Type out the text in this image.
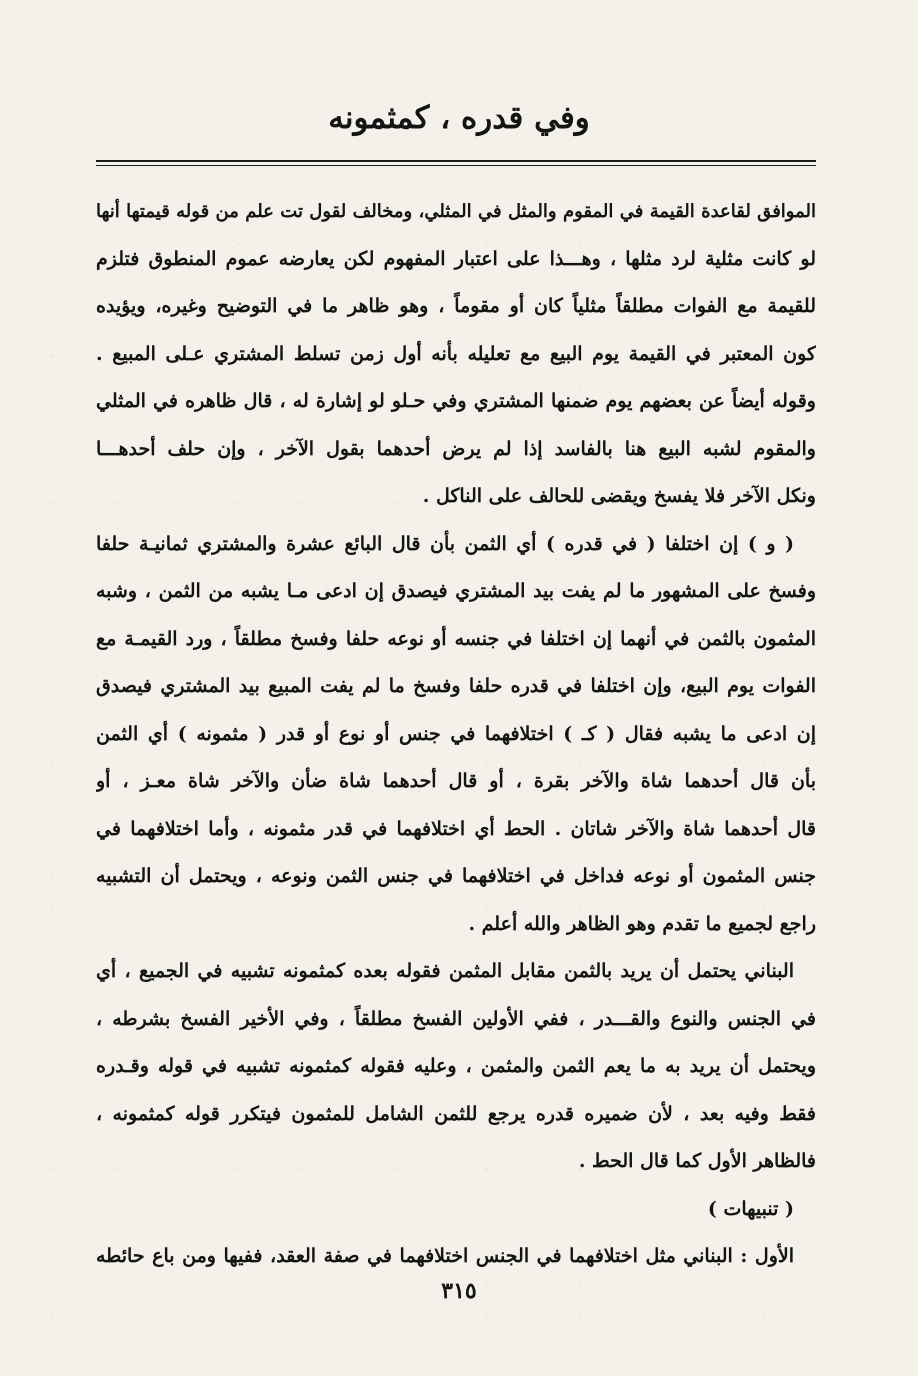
وفي قدره ، كمثمونه
الموافق لقاعدة القيمة في المقوم والمثل في المثلي، ومخالف لقول تت علم من قوله قيمتها أنها
لو كانت مثلية لرد مثلها ، وهـــذا على اعتبار المفهوم لكن يعارضه عموم المنطوق فتلزم
للقيمة مع الفوات مطلقاً مثلياً كان أو مقوماً ، وهو ظاهر ما في التوضيح وغيره، ويؤيده
كون المعتبر في القيمة يوم البيع مع تعليله بأنه أول زمن تسلط المشتري عـلى المبيع .
وقوله أيضاً عن بعضهم يوم ضمنها المشتري وفي حـلو لو إشارة له ، قال ظاهره في المثلي
والمقوم لشبه البيع هنا بالفاسد إذا لم يرض أحدهما بقول الآخر ، وإن حلف أحدهـــا
ونكل الآخر فلا يفسخ ويقضى للحالف على الناكل .
( و ) إن اختلفا ( في قدره ) أي الثمن بأن قال البائع عشرة والمشتري ثمانيـة حلفا
وفسخ على المشهور ما لم يفت بيد المشتري فيصدق إن ادعى مـا يشبه من الثمن ، وشبه
المثمون بالثمن في أنهما إن اختلفا في جنسه أو نوعه حلفا وفسخ مطلقاً ، ورد القيمـة مع
الفوات يوم البيع، وإن اختلفا في قدره حلفا وفسخ ما لم يفت المبيع بيد المشتري فيصدق
إن ادعى ما يشبه فقال ( كـ ) اختلافهما في جنس أو نوع أو قدر ( مثمونه ) أي الثمن
بأن قال أحدهما شاة والآخر بقرة ، أو قال أحدهما شاة ضأن والآخر شاة معـز ، أو
قال أحدهما شاة والآخر شاتان . الحط أي اختلافهما في قدر مثمونه ، وأما اختلافهما في
جنس المثمون أو نوعه فداخل في اختلافهما في جنس الثمن ونوعه ، ويحتمل أن التشبيه
راجع لجميع ما تقدم وهو الظاهر والله أعلم .
البناني يحتمل أن يريد بالثمن مقابل المثمن فقوله بعده كمثمونه تشبيه في الجميع ، أي
في الجنس والنوع والقـــدر ، ففي الأولين الفسخ مطلقاً ، وفي الأخير الفسخ بشرطه ،
ويحتمل أن يريد به ما يعم الثمن والمثمن ، وعليه فقوله كمثمونه تشبيه في قوله وقـدره
فقط وفيه بعد ، لأن ضميره قدره يرجع للثمن الشامل للمثمون فيتكرر قوله كمثمونه ،
فالظاهر الأول كما قال الحط .
( تنبيهات )
الأول : البناني مثل اختلافهما في الجنس اختلافهما في صفة العقد، ففيها ومن باع حائطه
٣١٥
